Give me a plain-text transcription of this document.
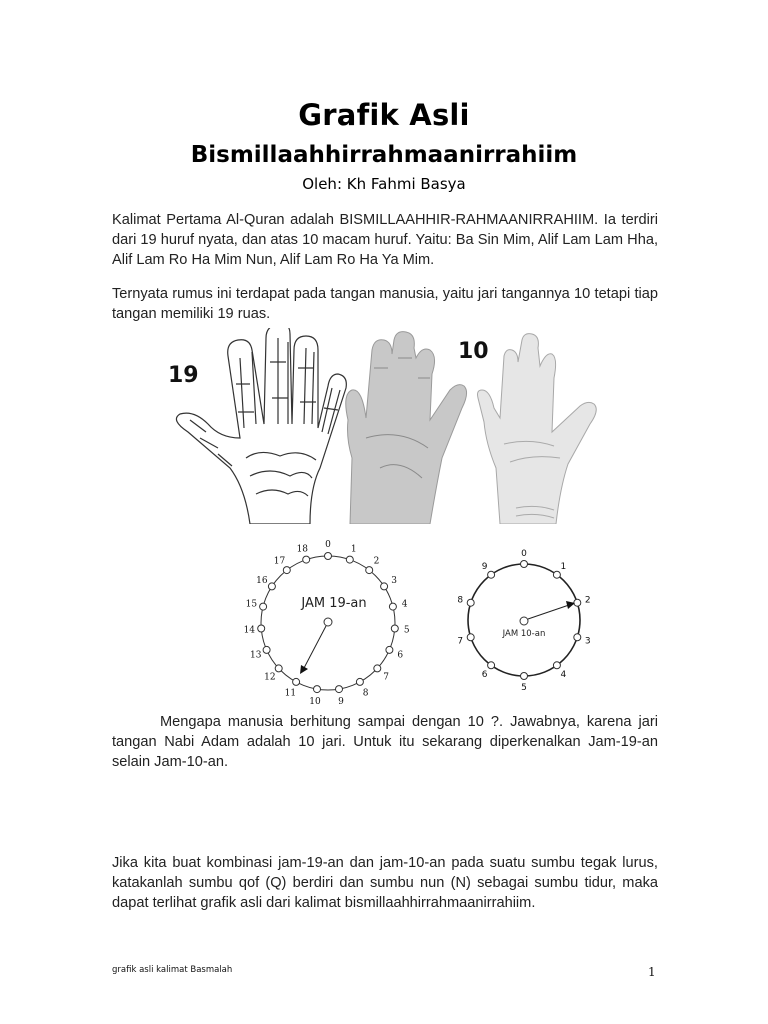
Grafik Asli
Bismillaahhirrahmaanirrahiim
Oleh: Kh Fahmi Basya
Kalimat Pertama Al-Quran adalah BISMILLAAHHIR-RAHMAANIRRAHIIM. Ia terdiri dari 19 huruf nyata, dan atas 10 macam huruf. Yaitu: Ba Sin Mim, Alif Lam Lam Hha, Alif Lam Ro Ha Mim Nun, Alif Lam Ro Ha Ya Mim.
Ternyata rumus ini terdapat pada tangan manusia, yaitu jari tangannya 10 tetapi tiap tangan memiliki 19 ruas.
19
10
0 1
2
3
4
5
6
7
8
9
10
11
12
13
14
15
16
17
18
JAM 19-an
0
1
2
3
4
5
6
7
8
9
JAM 10-an
Mengapa manusia berhitung sampai dengan 10 ?. Jawabnya, karena jari tangan Nabi Adam adalah 10 jari. Untuk itu sekarang diperkenalkan Jam-19-an selain Jam-10-an.
Jika kita buat kombinasi jam-19-an dan jam-10-an pada suatu sumbu tegak lurus, katakanlah sumbu qof (Q) berdiri dan sumbu nun (N) sebagai sumbu tidur, maka dapat terlihat grafik asli dari kalimat bismillaahhirrahmaanirrahiim.
grafik asli kalimat Basmalah	1
